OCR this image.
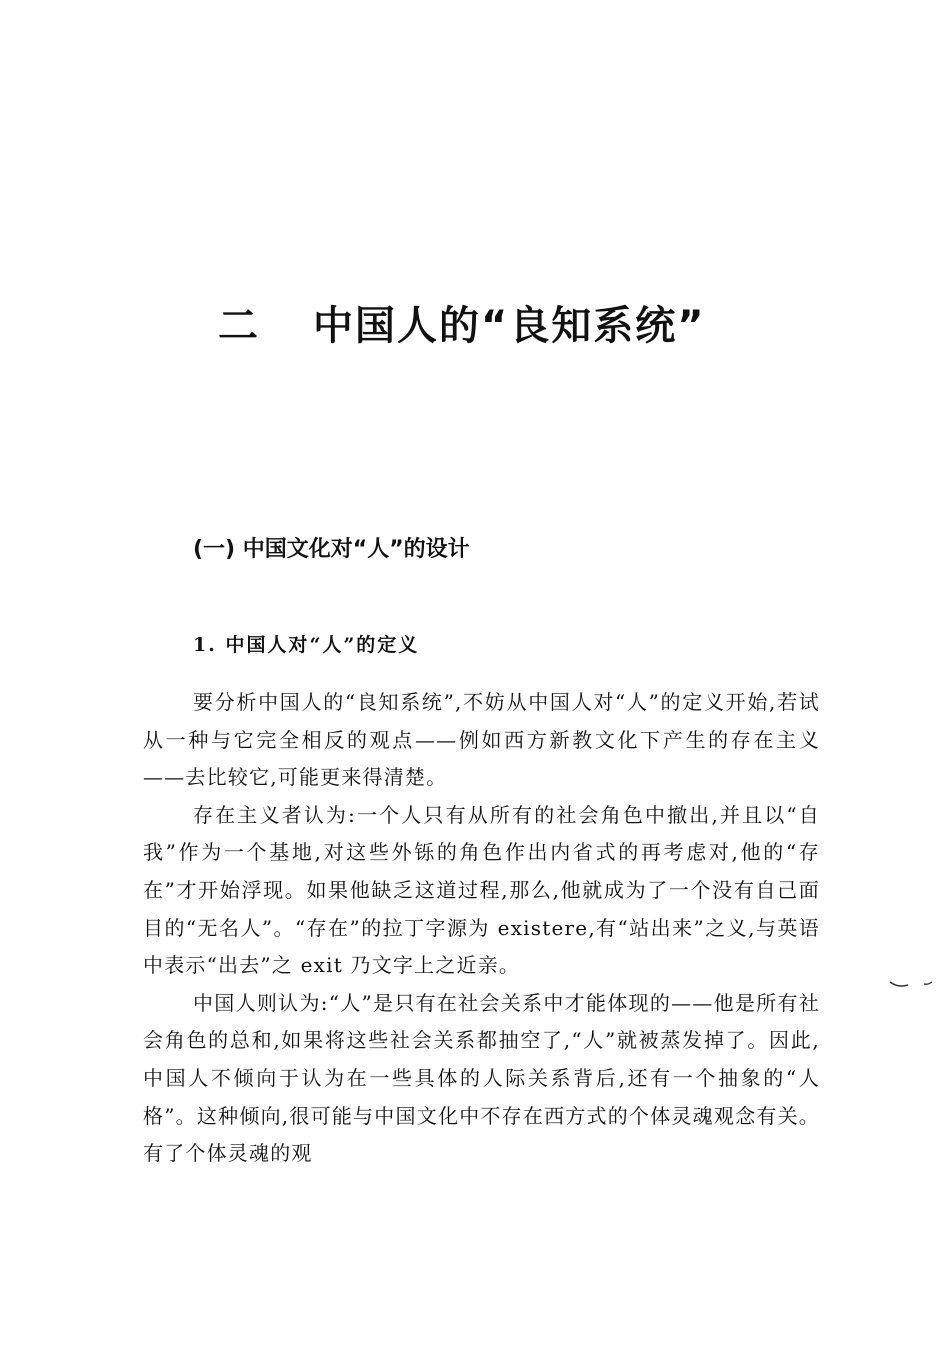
二 中国人的“良知系统”
(一) 中国文化对“人”的设计
1. 中国人对“人”的定义

要分析中国人的“良知系统”,不妨从中国人对“人”的定义开始,若试从一种与它完全相反的观点——例如西方新教文化下产生的存在主义——去比较它,可能更来得清楚。

存在主义者认为:一个人只有从所有的社会角色中撤出,并且以“自我”作为一个基地,对这些外铄的角色作出内省式的再考虑对,他的“存在”才开始浮现。如果他缺乏这道过程,那么,他就成为了一个没有自己面目的“无名人”。“存在”的拉丁字源为 existere,有“站出来”之义,与英语中表示“出去”之 exit 乃文字上之近亲。

中国人则认为:“人”是只有在社会关系中才能体现的——他是所有社会角色的总和,如果将这些社会关系都抽空了,“人”就被蒸发掉了。因此,中国人不倾向于认为在一些具体的人际关系背后,还有一个抽象的“人格”。这种倾向,很可能与中国文化中不存在西方式的个体灵魂观念有关。有了个体灵魂的观
